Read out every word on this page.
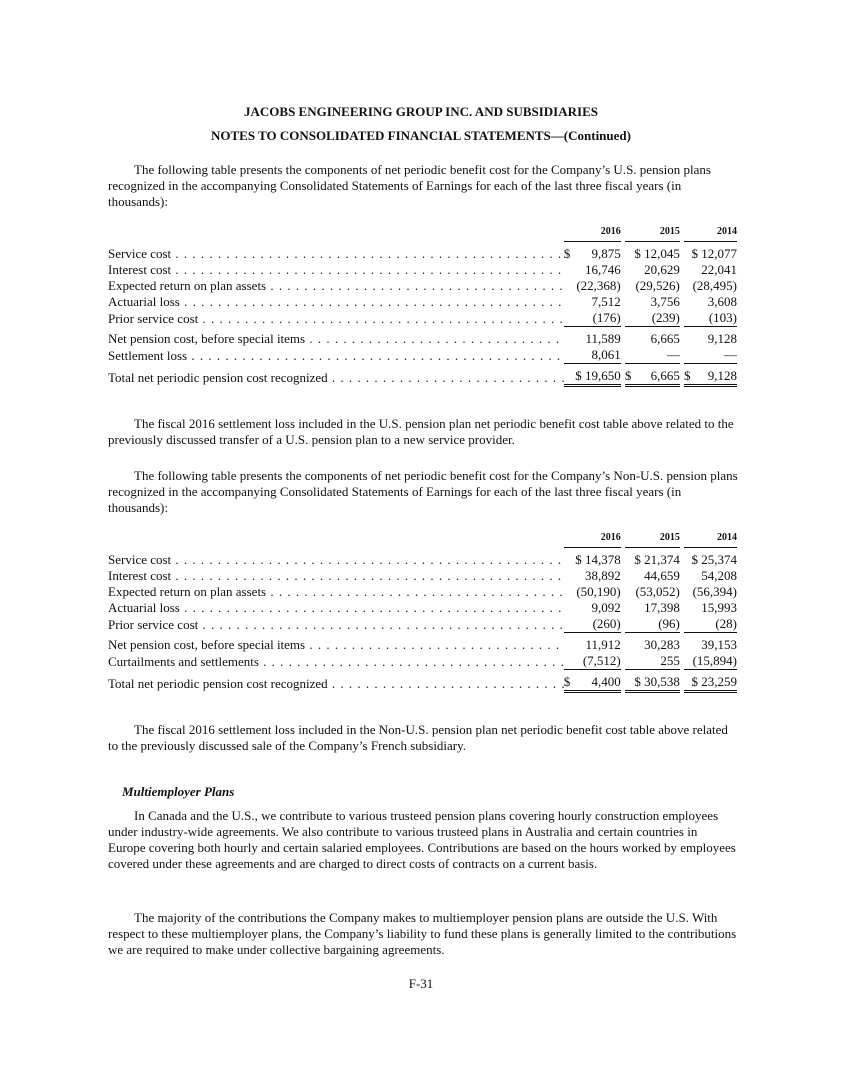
JACOBS ENGINEERING GROUP INC. AND SUBSIDIARIES
NOTES TO CONSOLIDATED FINANCIAL STATEMENTS—(Continued)

The following table presents the components of net periodic benefit cost for the Company’s U.S. pension plans recognized in the accompanying Consolidated Statements of Earnings for each of the last three fiscal years (in thousands):

	2016		2015		2014

Service cost . . .	$ 9,875		$ 12,045		$ 12,077
Interest cost . . .	16,746		20,629		22,041
Expected return on plan assets . . .	(22,368)		(29,526)		(28,495)
Actuarial loss . . .	7,512		3,756		3,608
Prior service cost . . .	(176)		(239)		(103)

Net pension cost, before special items . . .	11,589		6,665		9,128
Settlement loss . . .	8,061		—		—

Total net periodic pension cost recognized . . .	$ 19,650		$ 6,665		$ 9,128

The fiscal 2016 settlement loss included in the U.S. pension plan net periodic benefit cost table above related to the previously discussed transfer of a U.S. pension plan to a new service provider.

The following table presents the components of net periodic benefit cost for the Company’s Non-U.S. pension plans recognized in the accompanying Consolidated Statements of Earnings for each of the last three fiscal years (in thousands):

	2016		2015		2014

Service cost . . .	$ 14,378		$ 21,374		$ 25,374
Interest cost . . .	38,892		44,659		54,208
Expected return on plan assets . . .	(50,190)		(53,052)		(56,394)
Actuarial loss . . .	9,092		17,398		15,993
Prior service cost . . .	(260)		(96)		(28)

Net pension cost, before special items . . .	11,912		30,283		39,153
Curtailments and settlements . . .	(7,512)		255		(15,894)

Total net periodic pension cost recognized . . .	$ 4,400		$ 30,538		$ 23,259

The fiscal 2016 settlement loss included in the Non-U.S. pension plan net periodic benefit cost table above related to the previously discussed sale of the Company’s French subsidiary.

Multiemployer Plans

In Canada and the U.S., we contribute to various trusteed pension plans covering hourly construction employees under industry-wide agreements. We also contribute to various trusteed plans in Australia and certain countries in Europe covering both hourly and certain salaried employees. Contributions are based on the hours worked by employees covered under these agreements and are charged to direct costs of contracts on a current basis.

The majority of the contributions the Company makes to multiemployer pension plans are outside the U.S. With respect to these multiemployer plans, the Company’s liability to fund these plans is generally limited to the contributions we are required to make under collective bargaining agreements.

F-31
